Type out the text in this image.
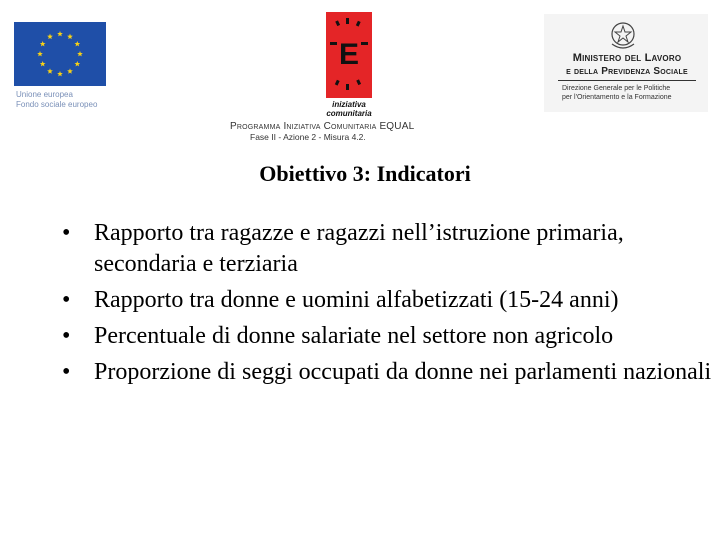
Unione europea
Fondo sociale europeo
E
iniziativa
comunitaria
Ministero del Lavoro
e della Previdenza Sociale
Direzione Generale per le Politiche
per l'Orientamento e la Formazione
Programma Iniziativa Comunitaria EQUAL
Fase II - Azione 2 - Misura 4.2.
Obiettivo 3: Indicatori
• Rapporto tra ragazze e ragazzi nell’istruzione primaria, secondaria e terziaria
• Rapporto tra donne e uomini alfabetizzati (15-24 anni)
• Percentuale di donne salariate nel settore non agricolo
• Proporzione di seggi occupati da donne nei parlamenti nazionali
